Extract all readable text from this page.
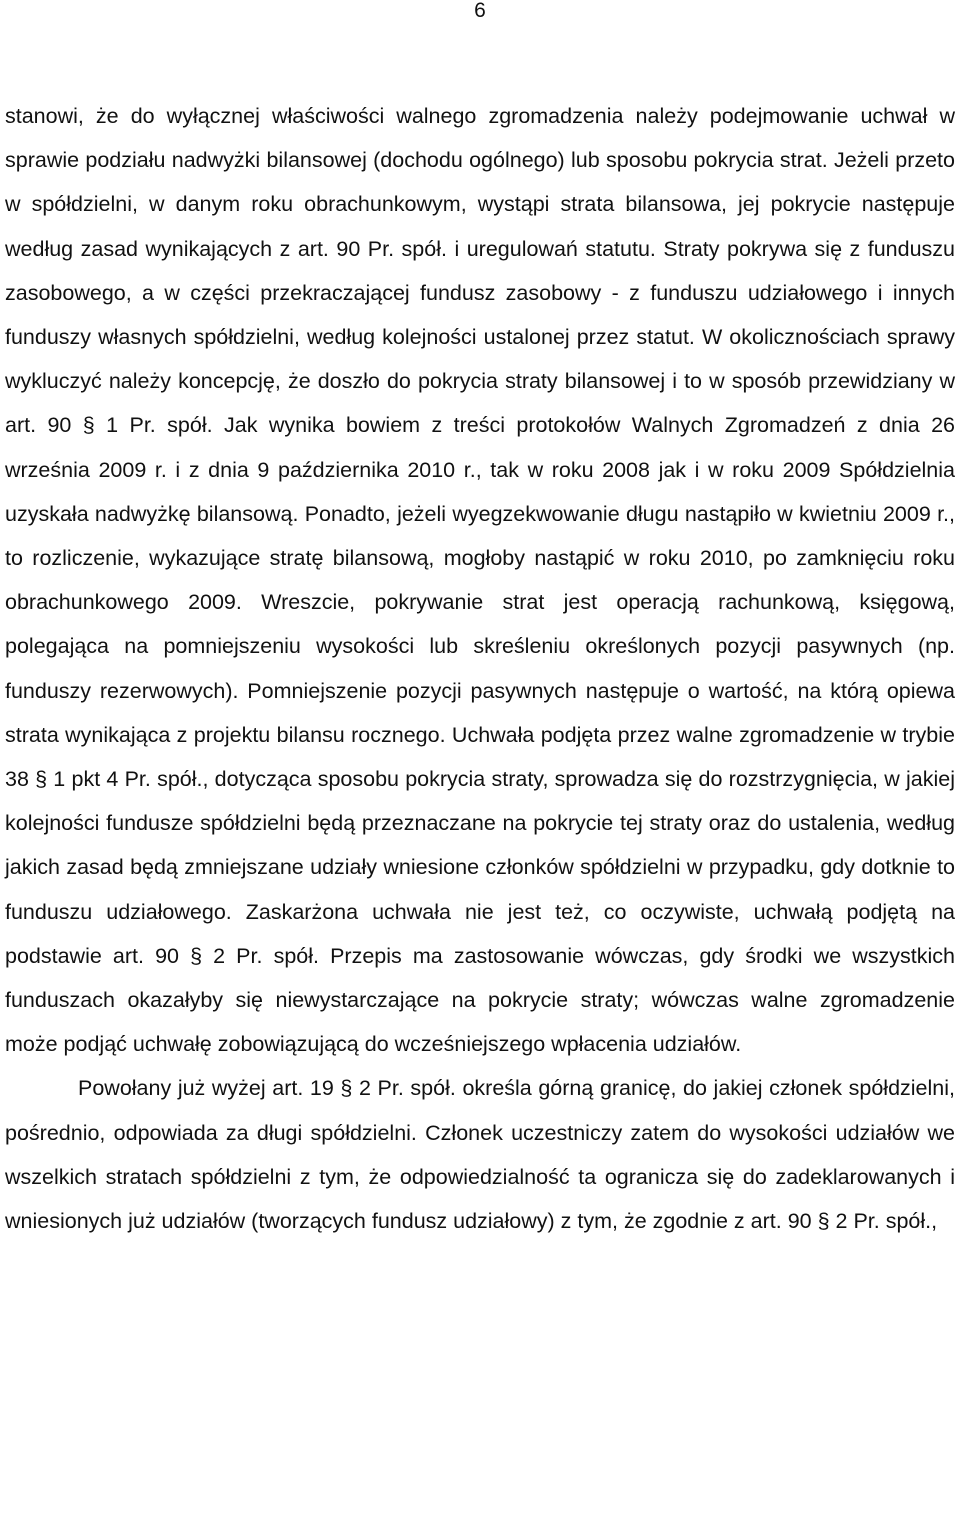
6

stanowi, że do wyłącznej właściwości walnego zgromadzenia należy podejmowanie uchwał w sprawie podziału nadwyżki bilansowej (dochodu ogólnego) lub sposobu pokrycia strat. Jeżeli przeto w spółdzielni, w danym roku obrachunkowym, wystąpi strata bilansowa, jej pokrycie następuje według zasad wynikających z art. 90 Pr. spół. i uregulowań statutu. Straty pokrywa się z funduszu zasobowego, a w części przekraczającej fundusz zasobowy - z funduszu udziałowego i innych funduszy własnych spółdzielni, według kolejności ustalonej przez statut. W okolicznościach sprawy wykluczyć należy koncepcję, że doszło do pokrycia straty bilansowej i to w sposób przewidziany w art. 90 § 1 Pr. spół. Jak wynika bowiem z treści protokołów Walnych Zgromadzeń z dnia 26 września 2009 r. i z dnia 9 października 2010 r., tak w roku 2008 jak i w roku 2009 Spółdzielnia uzyskała nadwyżkę bilansową. Ponadto, jeżeli wyegzekwowanie długu nastąpiło w kwietniu 2009 r., to rozliczenie, wykazujące stratę bilansową, mogłoby nastąpić w roku 2010, po zamknięciu roku obrachunkowego 2009. Wreszcie, pokrywanie strat jest operacją rachunkową, księgową, polegająca na pomniejszeniu wysokości lub skreśleniu określonych pozycji pasywnych (np. funduszy rezerwowych). Pomniejszenie pozycji pasywnych następuje o wartość, na którą opiewa strata wynikająca z projektu bilansu rocznego. Uchwała podjęta przez walne zgromadzenie w trybie 38 § 1 pkt 4 Pr. spół., dotycząca sposobu pokrycia straty, sprowadza się do rozstrzygnięcia, w jakiej kolejności fundusze spółdzielni będą przeznaczane na pokrycie tej straty oraz do ustalenia, według jakich zasad będą zmniejszane udziały wniesione członków spółdzielni w przypadku, gdy dotknie to funduszu udziałowego. Zaskarżona uchwała nie jest też, co oczywiste, uchwałą podjętą na podstawie art. 90 § 2 Pr. spół. Przepis ma zastosowanie wówczas, gdy środki we wszystkich funduszach okazałyby się niewystarczające na pokrycie straty; wówczas walne zgromadzenie może podjąć uchwałę zobowiązującą do wcześniejszego wpłacenia udziałów.

Powołany już wyżej art. 19 § 2 Pr. spół. określa górną granicę, do jakiej członek spółdzielni, pośrednio, odpowiada za długi spółdzielni. Członek uczestniczy zatem do wysokości udziałów we wszelkich stratach spółdzielni z tym, że odpowiedzialność ta ogranicza się do zadeklarowanych i wniesionych już udziałów (tworzących fundusz udziałowy) z tym, że zgodnie z art. 90 § 2 Pr. spół.,
